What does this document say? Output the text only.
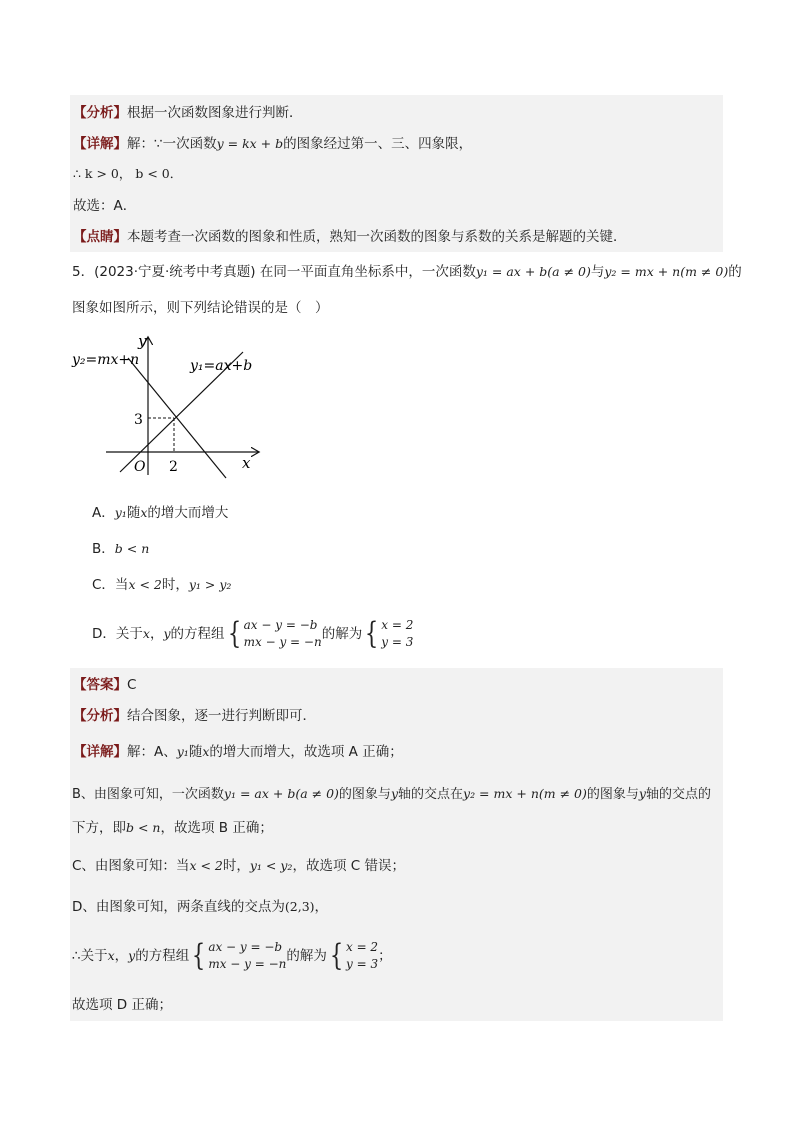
【分析】根据一次函数图象进行判断．
【详解】解：∵一次函数y = kx + b的图象经过第一、三、四象限，
∴ k > 0， b < 0．
故选：A．
【点睛】本题考查一次函数的图象和性质，熟知一次函数的图象与系数的关系是解题的关键．
5．(2023·宁夏·统考中考真题) 在同一平面直角坐标系中，一次函数y₁ = ax + b(a ≠ 0)与y₂ = mx + n(m ≠ 0)的
图象如图所示，则下列结论错误的是（　）
y
x
O
3
2
y₁=ax+b
y₂=mx+n
A．y₁随x的增大而增大
B．b < n
C．当x < 2时，y₁ > y₂
D．关于x，y的方程组 { ax − y = −b
mx − y = −n 的解为 { x = 2
y = 3
【答案】C
【分析】结合图象，逐一进行判断即可．
【详解】解：A、y₁随x的增大而增大，故选项 A 正确；
B、由图象可知，一次函数y₁ = ax + b(a ≠ 0)的图象与y轴的交点在y₂ = mx + n(m ≠ 0)的图象与y轴的交点的
下方，即b < n，故选项 B 正确；
C、由图象可知：当x < 2时，y₁ < y₂，故选项 C 错误；
D、由图象可知，两条直线的交点为(2,3)，
∴关于x，y的方程组 { ax − y = −b
mx − y = −n 的解为 { x = 2
y = 3 ；
故选项 D 正确；
